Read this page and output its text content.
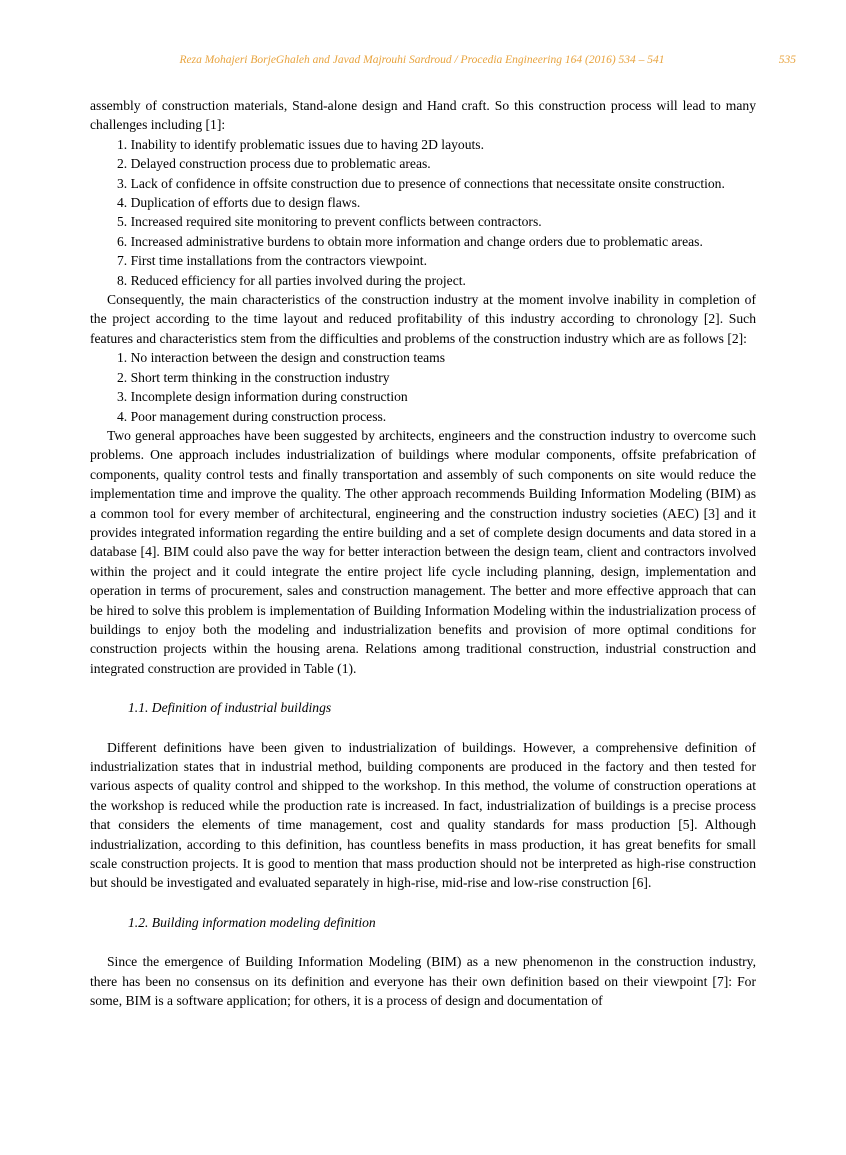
Reza Mohajeri BorjeGhaleh and Javad Majrouhi Sardroud / Procedia Engineering 164 (2016) 534 – 541	535

assembly of construction materials, Stand-alone design and Hand craft. So this construction process will lead to many challenges including [1]:

1. Inability to identify problematic issues due to having 2D layouts.
2. Delayed construction process due to problematic areas.
3. Lack of confidence in offsite construction due to presence of connections that necessitate onsite construction.
4. Duplication of efforts due to design flaws.
5. Increased required site monitoring to prevent conflicts between contractors.
6. Increased administrative burdens to obtain more information and change orders due to problematic areas.
7. First time installations from the contractors viewpoint.
8. Reduced efficiency for all parties involved during the project.

Consequently, the main characteristics of the construction industry at the moment involve inability in completion of the project according to the time layout and reduced profitability of this industry according to chronology [2]. Such features and characteristics stem from the difficulties and problems of the construction industry which are as follows [2]:

1. No interaction between the design and construction teams
2. Short term thinking in the construction industry
3. Incomplete design information during construction
4. Poor management during construction process.

Two general approaches have been suggested by architects, engineers and the construction industry to overcome such problems. One approach includes industrialization of buildings where modular components, offsite prefabrication of components, quality control tests and finally transportation and assembly of such components on site would reduce the implementation time and improve the quality. The other approach recommends Building Information Modeling (BIM) as a common tool for every member of architectural, engineering and the construction industry societies (AEC) [3] and it provides integrated information regarding the entire building and a set of complete design documents and data stored in a database [4]. BIM could also pave the way for better interaction between the design team, client and contractors involved within the project and it could integrate the entire project life cycle including planning, design, implementation and operation in terms of procurement, sales and construction management. The better and more effective approach that can be hired to solve this problem is implementation of Building Information Modeling within the industrialization process of buildings to enjoy both the modeling and industrialization benefits and provision of more optimal conditions for construction projects within the housing arena. Relations among traditional construction, industrial construction and integrated construction are provided in Table (1).

1.1. Definition of industrial buildings

Different definitions have been given to industrialization of buildings. However, a comprehensive definition of industrialization states that in industrial method, building components are produced in the factory and then tested for various aspects of quality control and shipped to the workshop. In this method, the volume of construction operations at the workshop is reduced while the production rate is increased. In fact, industrialization of buildings is a precise process that considers the elements of time management, cost and quality standards for mass production [5]. Although industrialization, according to this definition, has countless benefits in mass production, it has great benefits for small scale construction projects. It is good to mention that mass production should not be interpreted as high-rise construction but should be investigated and evaluated separately in high-rise, mid-rise and low-rise construction [6].

1.2. Building information modeling definition

Since the emergence of Building Information Modeling (BIM) as a new phenomenon in the construction industry, there has been no consensus on its definition and everyone has their own definition based on their viewpoint [7]: For some, BIM is a software application; for others, it is a process of design and documentation of
